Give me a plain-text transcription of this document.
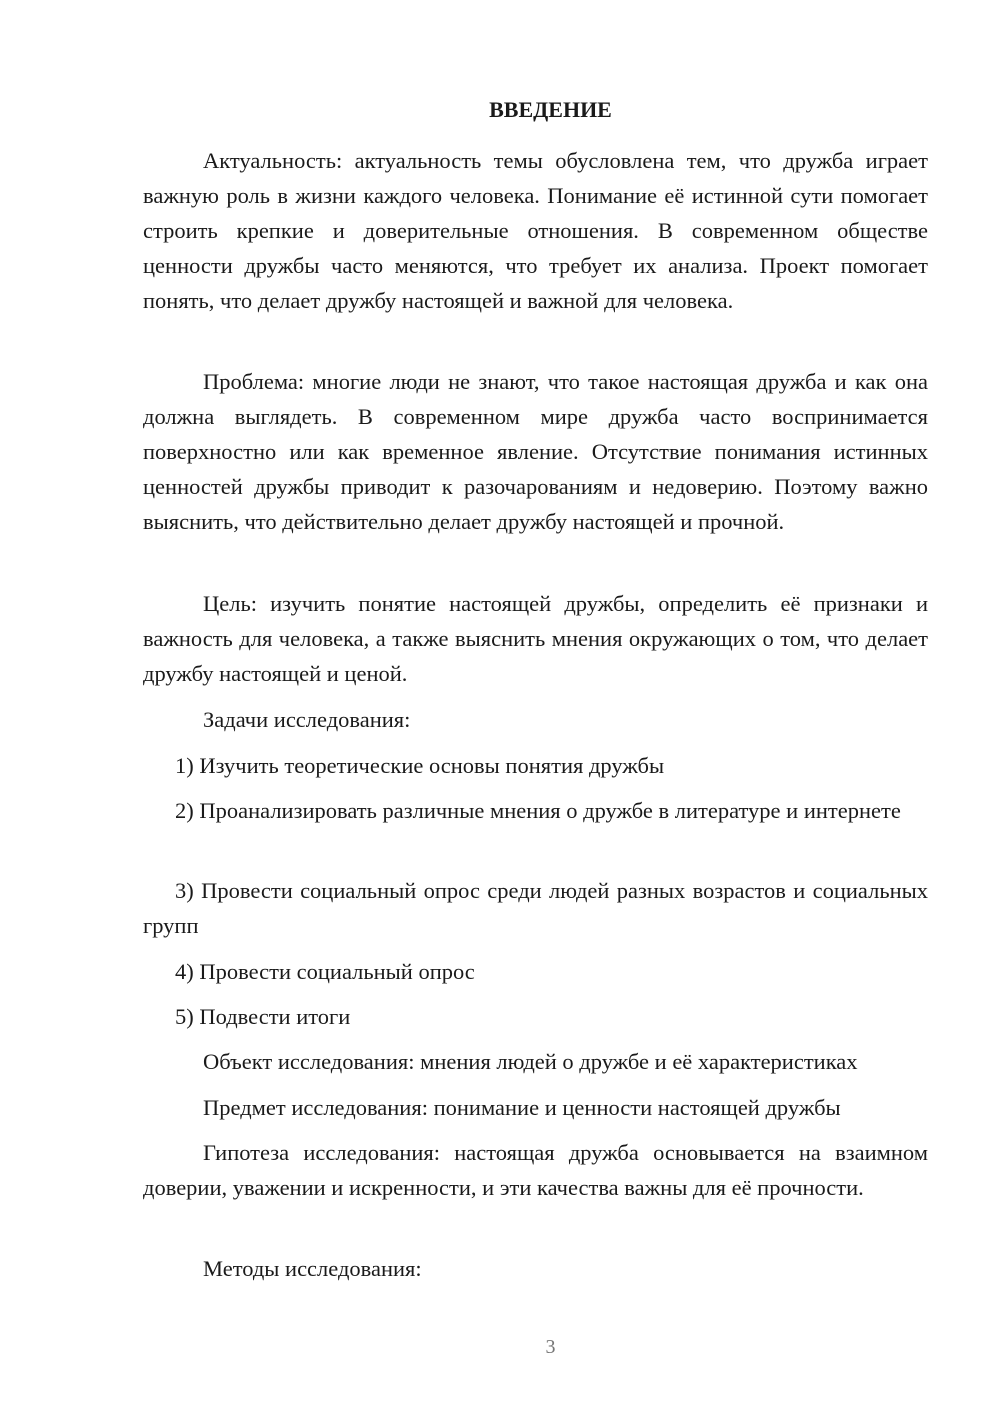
ВВЕДЕНИЕ

Актуальность: актуальность темы обусловлена тем, что дружба играет важную роль в жизни каждого человека. Понимание её истинной сути помогает строить крепкие и доверительные отношения. В современном обществе ценности дружбы часто меняются, что требует их анализа. Проект помогает понять, что делает дружбу настоящей и важной для человека.

Проблема: многие люди не знают, что такое настоящая дружба и как она должна выглядеть. В современном мире дружба часто воспринимается поверхностно или как временное явление. Отсутствие понимания истинных ценностей дружбы приводит к разочарованиям и недоверию. Поэтому важно выяснить, что действительно делает дружбу настоящей и прочной.

Цель: изучить понятие настоящей дружбы, определить её признаки и важность для человека, а также выяснить мнения окружающих о том, что делает дружбу настоящей и ценой.

Задачи исследования:

1) Изучить теоретические основы понятия дружбы

2) Проанализировать различные мнения о дружбе в литературе и интернете

3) Провести социальный опрос среди людей разных возрастов и социальных групп

4) Провести социальный опрос

5) Подвести итоги

Объект исследования: мнения людей о дружбе и её характеристиках

Предмет исследования: понимание и ценности настоящей дружбы

Гипотеза исследования: настоящая дружба основывается на взаимном доверии, уважении и искренности, и эти качества важны для её прочности.

Методы исследования:

3
